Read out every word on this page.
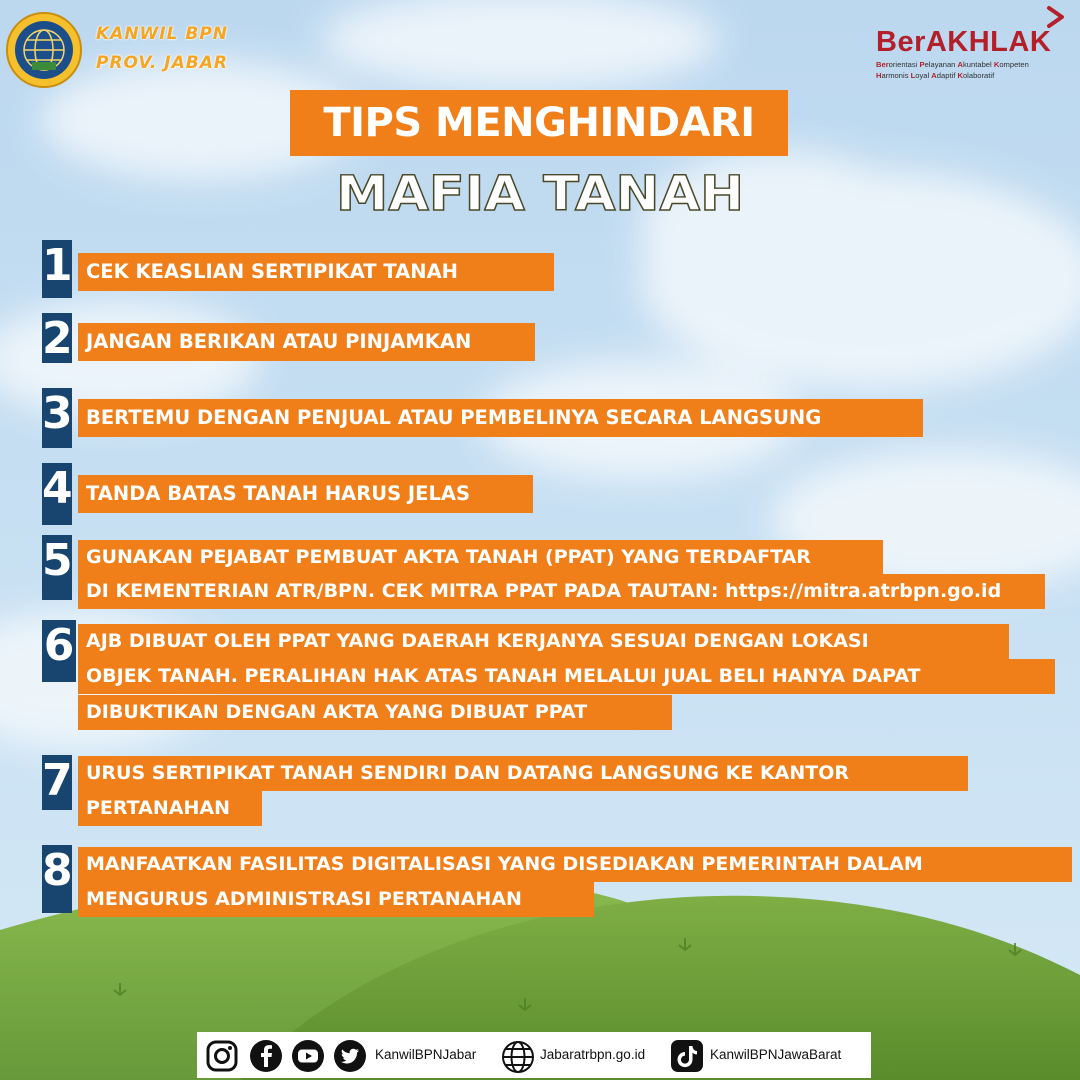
KANWIL BPN
PROV. JABAR
BerAKHLAK
Berorientasi Pelayanan Akuntabel Kompeten
Harmonis Loyal Adaptif Kolaboratif
TIPS MENGHINDARI
MAFIA TANAH
1 CEK KEASLIAN SERTIPIKAT TANAH
2 JANGAN BERIKAN ATAU PINJAMKAN
3 BERTEMU DENGAN PENJUAL ATAU PEMBELINYA SECARA LANGSUNG
4 TANDA BATAS TANAH HARUS JELAS
5 GUNAKAN PEJABAT PEMBUAT AKTA TANAH (PPAT) YANG TERDAFTAR
DI KEMENTERIAN ATR/BPN. CEK MITRA PPAT PADA TAUTAN: https://mitra.atrbpn.go.id
6 AJB DIBUAT OLEH PPAT YANG DAERAH KERJANYA SESUAI DENGAN LOKASI
OBJEK TANAH. PERALIHAN HAK ATAS TANAH MELALUI JUAL BELI HANYA DAPAT
DIBUKTIKAN DENGAN AKTA YANG DIBUAT PPAT
7 URUS SERTIPIKAT TANAH SENDIRI DAN DATANG LANGSUNG KE KANTOR
PERTANAHAN
8 MANFAATKAN FASILITAS DIGITALISASI YANG DISEDIAKAN PEMERINTAH DALAM
MENGURUS ADMINISTRASI PERTANAHAN
KanwilBPNJabar	Jabaratrbpn.go.id	KanwilBPNJawaBarat
